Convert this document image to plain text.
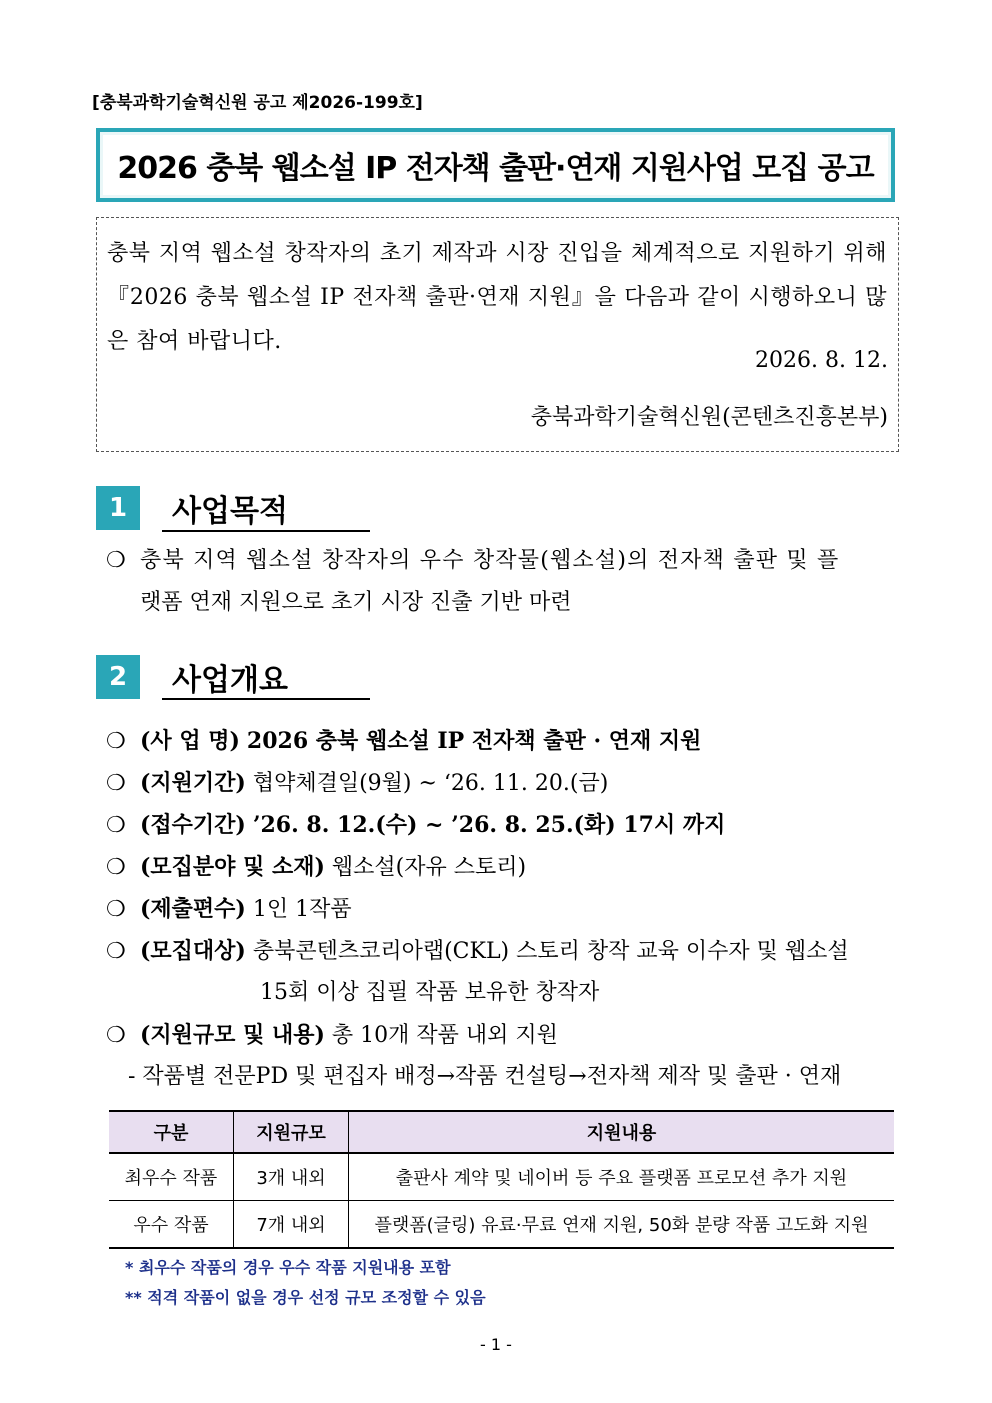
[충북과학기술혁신원 공고 제2026-199호]
2026 충북 웹소설 IP 전자책 출판·연재 지원사업 모집 공고
충북 지역 웹소설 창작자의 초기 제작과 시장 진입을 체계적으로 지원하기 위해『2026 충북 웹소설 IP 전자책 출판·연재 지원』을 다음과 같이 시행하오니 많은 참여 바랍니다.
2026. 8. 12.
충북과학기술혁신원(콘텐츠진흥본부)
1	사업목적
❍ 충북 지역 웹소설 창작자의 우수 창작물(웹소설)의 전자책 출판 및 플
랫폼 연재 지원으로 초기 시장 진출 기반 마련
2	사업개요
❍ (사 업 명) 2026 충북 웹소설 IP 전자책 출판 · 연재 지원
❍ (지원기간) 협약체결일(9월) ~ ‘26. 11. 20.(금)
❍ (접수기간) ’26. 8. 12.(수) ~ ’26. 8. 25.(화) 17시 까지
❍ (모집분야 및 소재) 웹소설(자유 스토리)
❍ (제출편수) 1인 1작품
❍ (모집대상) 충북콘텐츠코리아랩(CKL) 스토리 창작 교육 이수자 및 웹소설
15회 이상 집필 작품 보유한 창작자
❍ (지원규모 및 내용) 총 10개 작품 내외 지원
- 작품별 전문PD 및 편집자 배정→작품 컨설팅→전자책 제작 및 출판 · 연재
구분	지원규모	지원내용
최우수 작품	3개 내외	출판사 계약 및 네이버 등 주요 플랫폼 프로모션 추가 지원
우수 작품	7개 내외	플랫폼(글링) 유료·무료 연재 지원, 50화 분량 작품 고도화 지원
* 최우수 작품의 경우 우수 작품 지원내용 포함
** 적격 작품이 없을 경우 선정 규모 조정할 수 있음
- 1 -
